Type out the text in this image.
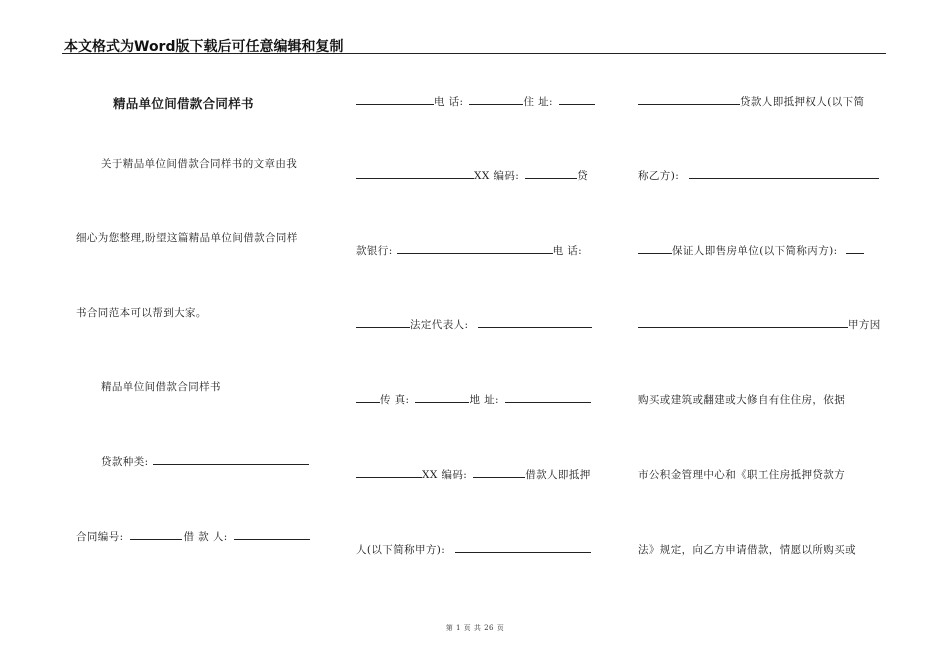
本文格式为Word版下载后可任意编辑和复制
精品单位间借款合同样书
关于精品单位间借款合同样书的文章由我
细心为您整理,盼望这篇精品单位间借款合同样
书合同范本可以帮到大家。
精品单位间借款合同样书
贷款种类:
合同编号:	借 款 人:
电 话:	住 址:
XX 编码:	贷
款银行:	电 话:
法定代表人:
传 真:	地 址:
XX 编码:	借款人即抵押
人(以下简称甲方):
贷款人即抵押权人(以下简
称乙方):
保证人即售房单位(以下简称丙方):
甲方因
购买或建筑或翻建或大修自有住住房，依据
市公积金管理中心和《职工住房抵押贷款方
法》规定，向乙方申请借款，情愿以所购买或
第 1 页 共 26 页
